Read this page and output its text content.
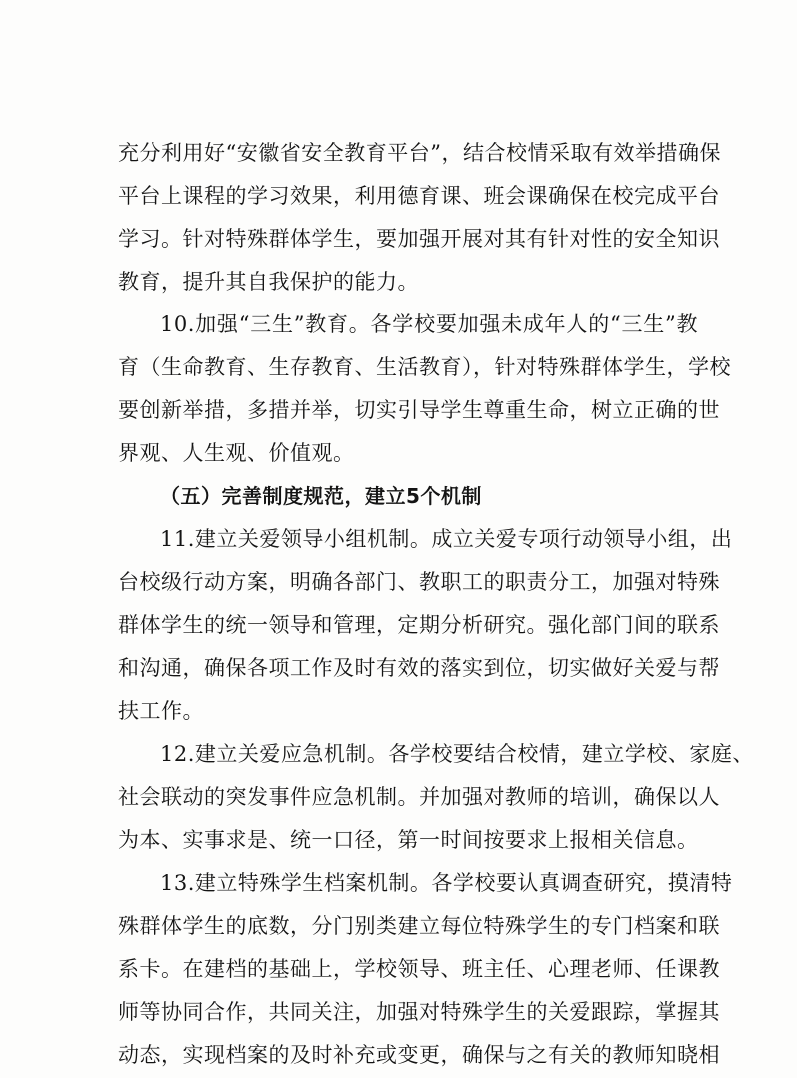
充分利用好“安徽省安全教育平台”，结合校情采取有效举措确保
平台上课程的学习效果，利用德育课、班会课确保在校完成平台
学习。针对特殊群体学生，要加强开展对其有针对性的安全知识
教育，提升其自我保护的能力。
10.加强“三生”教育。各学校要加强未成年人的“三生”教
育（生命教育、生存教育、生活教育），针对特殊群体学生，学校
要创新举措，多措并举，切实引导学生尊重生命，树立正确的世
界观、人生观、价值观。
（五）完善制度规范，建立5个机制
11.建立关爱领导小组机制。成立关爱专项行动领导小组，出
台校级行动方案，明确各部门、教职工的职责分工，加强对特殊
群体学生的统一领导和管理，定期分析研究。强化部门间的联系
和沟通，确保各项工作及时有效的落实到位，切实做好关爱与帮
扶工作。
12.建立关爱应急机制。各学校要结合校情，建立学校、家庭、
社会联动的突发事件应急机制。并加强对教师的培训，确保以人
为本、实事求是、统一口径，第一时间按要求上报相关信息。
13.建立特殊学生档案机制。各学校要认真调查研究，摸清特
殊群体学生的底数，分门别类建立每位特殊学生的专门档案和联
系卡。在建档的基础上，学校领导、班主任、心理老师、任课教
师等协同合作，共同关注，加强对特殊学生的关爱跟踪，掌握其
动态，实现档案的及时补充或变更，确保与之有关的教师知晓相
